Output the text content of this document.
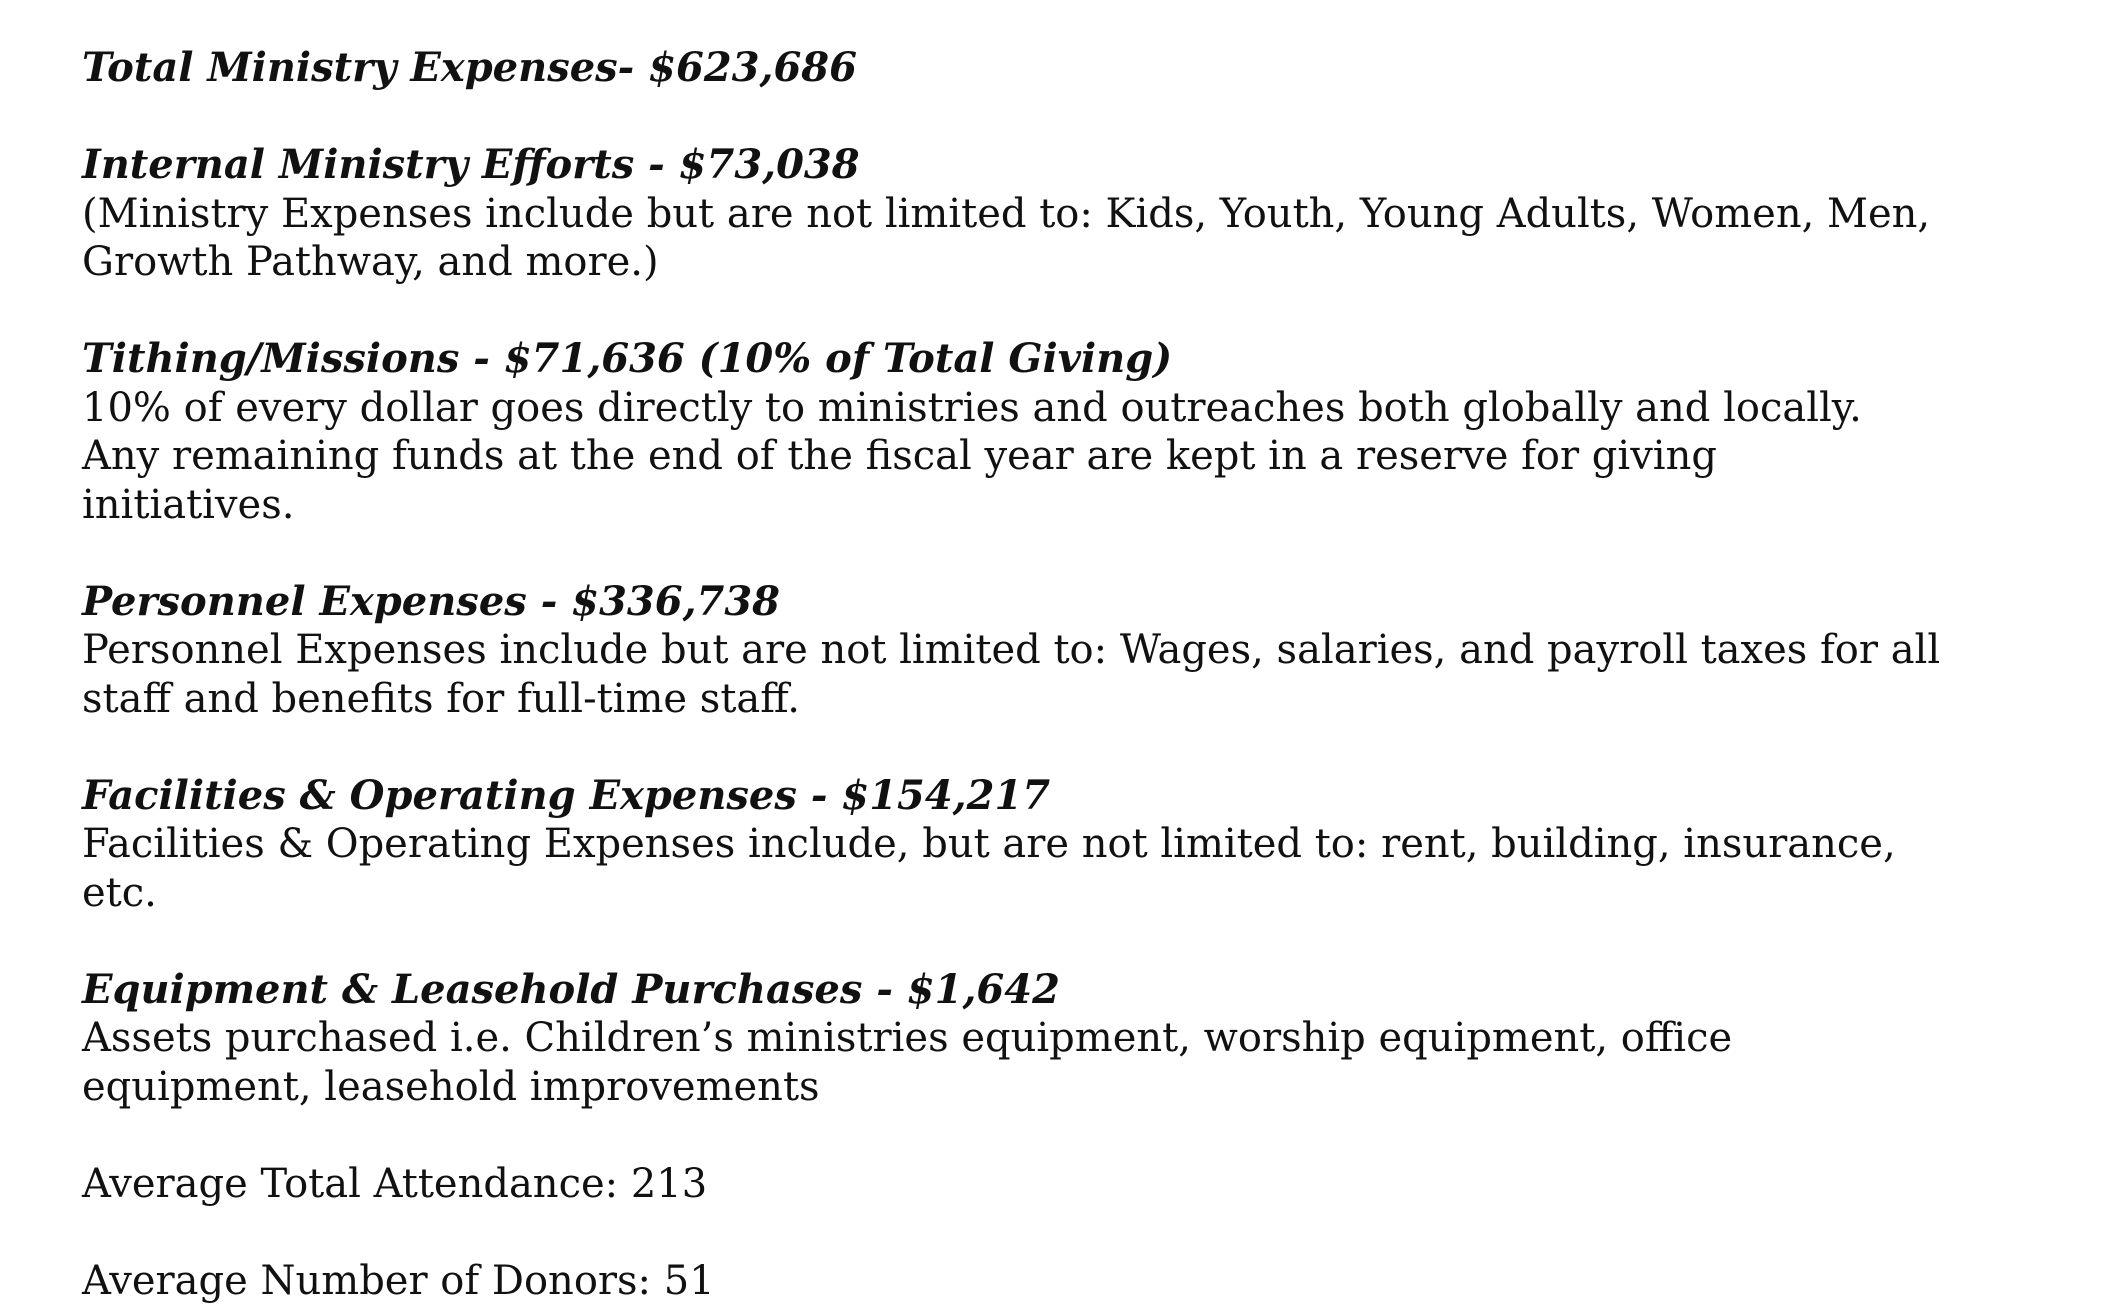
Total Ministry Expenses- $623,686

Internal Ministry Efforts - $73,038

(Ministry Expenses include but are not limited to: Kids, Youth, Young Adults, Women, Men, Growth Pathway, and more.)

Tithing/Missions - $71,636 (10% of Total Giving)

10% of every dollar goes directly to ministries and outreaches both globally and locally. Any remaining funds at the end of the fiscal year are kept in a reserve for giving initiatives.

Personnel Expenses - $336,738

Personnel Expenses include but are not limited to: Wages, salaries, and payroll taxes for all staff and benefits for full-time staff.

Facilities & Operating Expenses - $154,217

Facilities & Operating Expenses include, but are not limited to: rent, building, insurance, etc.

Equipment & Leasehold Purchases - $1,642

Assets purchased i.e. Children’s ministries equipment, worship equipment, office equipment, leasehold improvements

Average Total Attendance: 213

Average Number of Donors: 51
